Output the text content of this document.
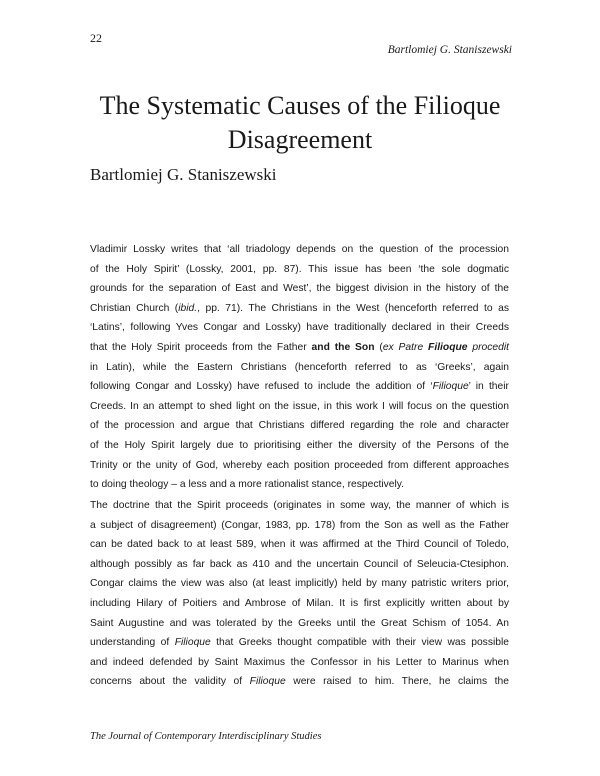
22
Bartlomiej G. Staniszewski
The Systematic Causes of the Filioque
Disagreement
Bartlomiej G. Staniszewski

Vladimir Lossky writes that ‘all triadology depends on the question of the procession
of the Holy Spirit’ (Lossky, 2001, pp. 87). This issue has been ‘the sole dogmatic
grounds for the separation of East and West’, the biggest division in the history of the
Christian Church (ibid., pp. 71). The Christians in the West (henceforth referred to as
‘Latins’, following Yves Congar and Lossky) have traditionally declared in their Creeds
that the Holy Spirit proceeds from the Father and the Son (ex Patre Filioque procedit
in Latin), while the Eastern Christians (henceforth referred to as ‘Greeks’, again
following Congar and Lossky) have refused to include the addition of ‘Filioque’ in their
Creeds. In an attempt to shed light on the issue, in this work I will focus on the question
of the procession and argue that Christians differed regarding the role and character
of the Holy Spirit largely due to prioritising either the diversity of the Persons of the
Trinity or the unity of God, whereby each position proceeded from different approaches
to doing theology – a less and a more rationalist stance, respectively.

The doctrine that the Spirit proceeds (originates in some way, the manner of which is
a subject of disagreement) (Congar, 1983, pp. 178) from the Son as well as the Father
can be dated back to at least 589, when it was affirmed at the Third Council of Toledo,
although possibly as far back as 410 and the uncertain Council of Seleucia-Ctesiphon.
Congar claims the view was also (at least implicitly) held by many patristic writers prior,
including Hilary of Poitiers and Ambrose of Milan. It is first explicitly written about by
Saint Augustine and was tolerated by the Greeks until the Great Schism of 1054. An
understanding of Filioque that Greeks thought compatible with their view was possible
and indeed defended by Saint Maximus the Confessor in his Letter to Marinus when
concerns about the validity of Filioque were raised to him. There, he claims the

The Journal of Contemporary Interdisciplinary Studies
